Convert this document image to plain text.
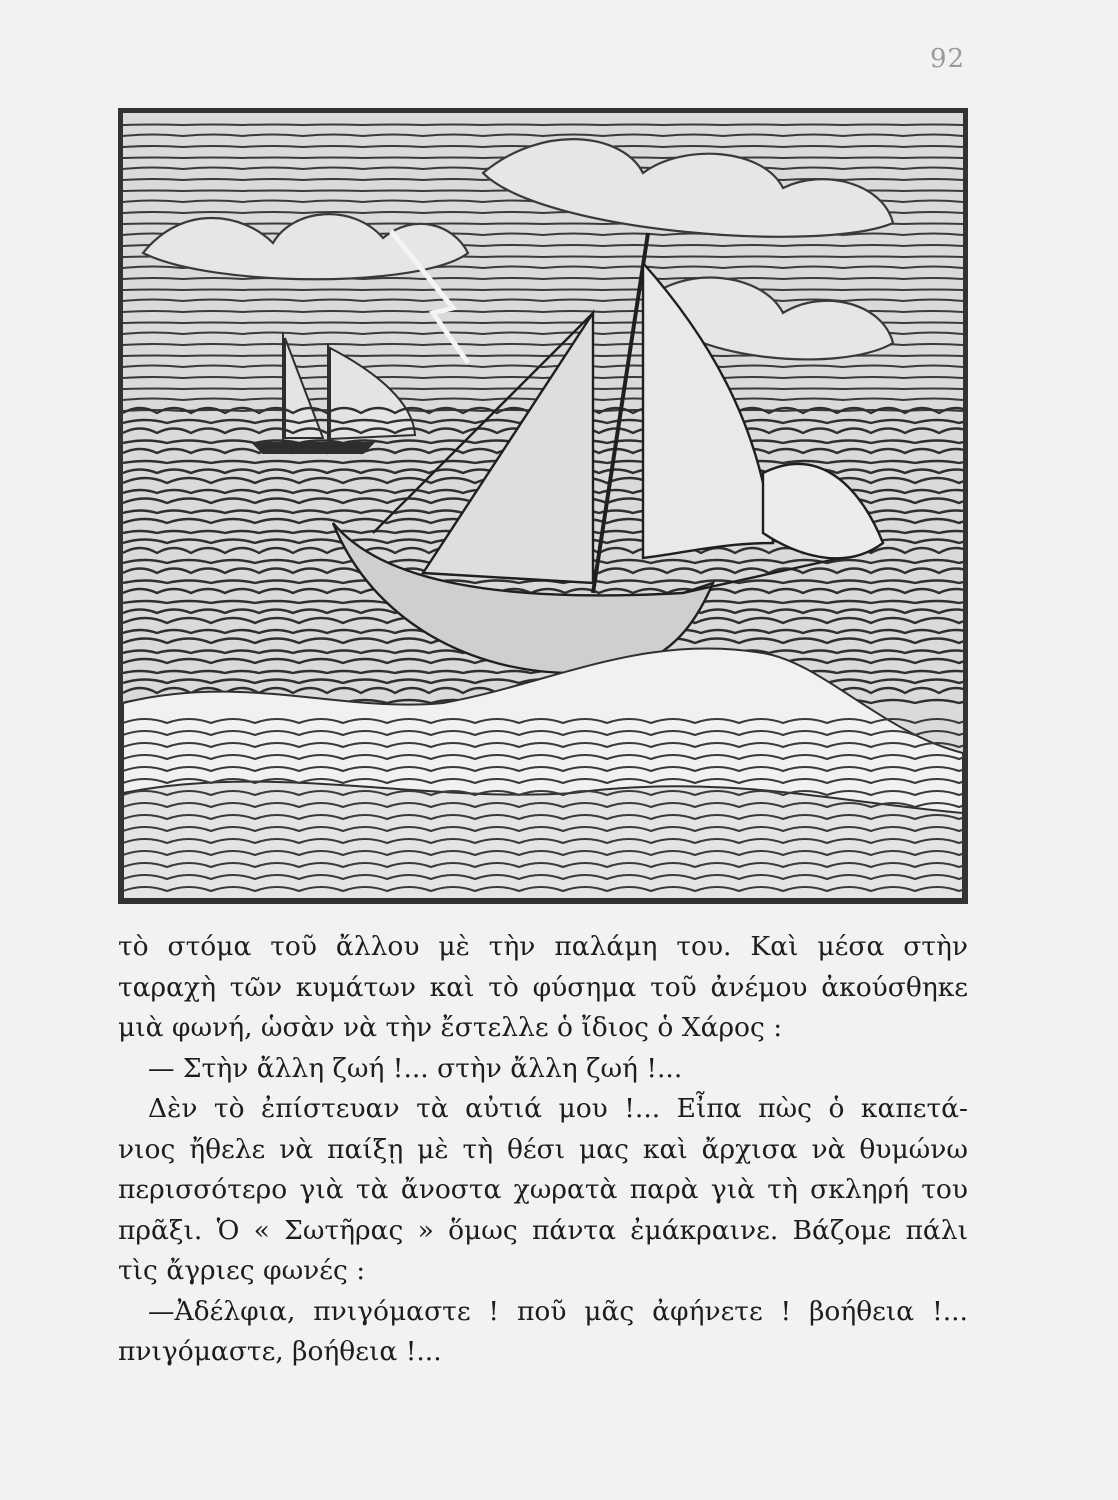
92

τὸ στόμα τοῦ ἄλλου μὲ τὴν παλάμη του. Καὶ μέσα στὴν

ταραχὴ τῶν κυμάτων καὶ τὸ φύσημα τοῦ ἀνέμου ἀκούσθηκε

μιὰ φωνή, ὡσὰν νὰ τὴν ἔστελλε ὁ ἴδιος ὁ Χάρος :

— Στὴν ἄλλη ζωή !... στὴν ἄλλη ζωή !...

Δὲν τὸ ἐπίστευαν τὰ αὐτιά μου !... Εἶπα πὼς ὁ καπετά-

νιος ἤθελε νὰ παίξῃ μὲ τὴ θέσι μας καὶ ἄρχισα νὰ θυμώνω

περισσότερο γιὰ τὰ ἄνοστα χωρατὰ παρὰ γιὰ τὴ σκληρή του

πρᾶξι. Ὁ « Σωτῆρας » ὅμως πάντα ἐμάκραινε. Βάζομε πάλι

τὶς ἄγριες φωνές :

—Ἀδέλφια, πνιγόμαστε ! ποῦ μᾶς ἀφήνετε ! βοήθεια !...

πνιγόμαστε, βοήθεια !...
